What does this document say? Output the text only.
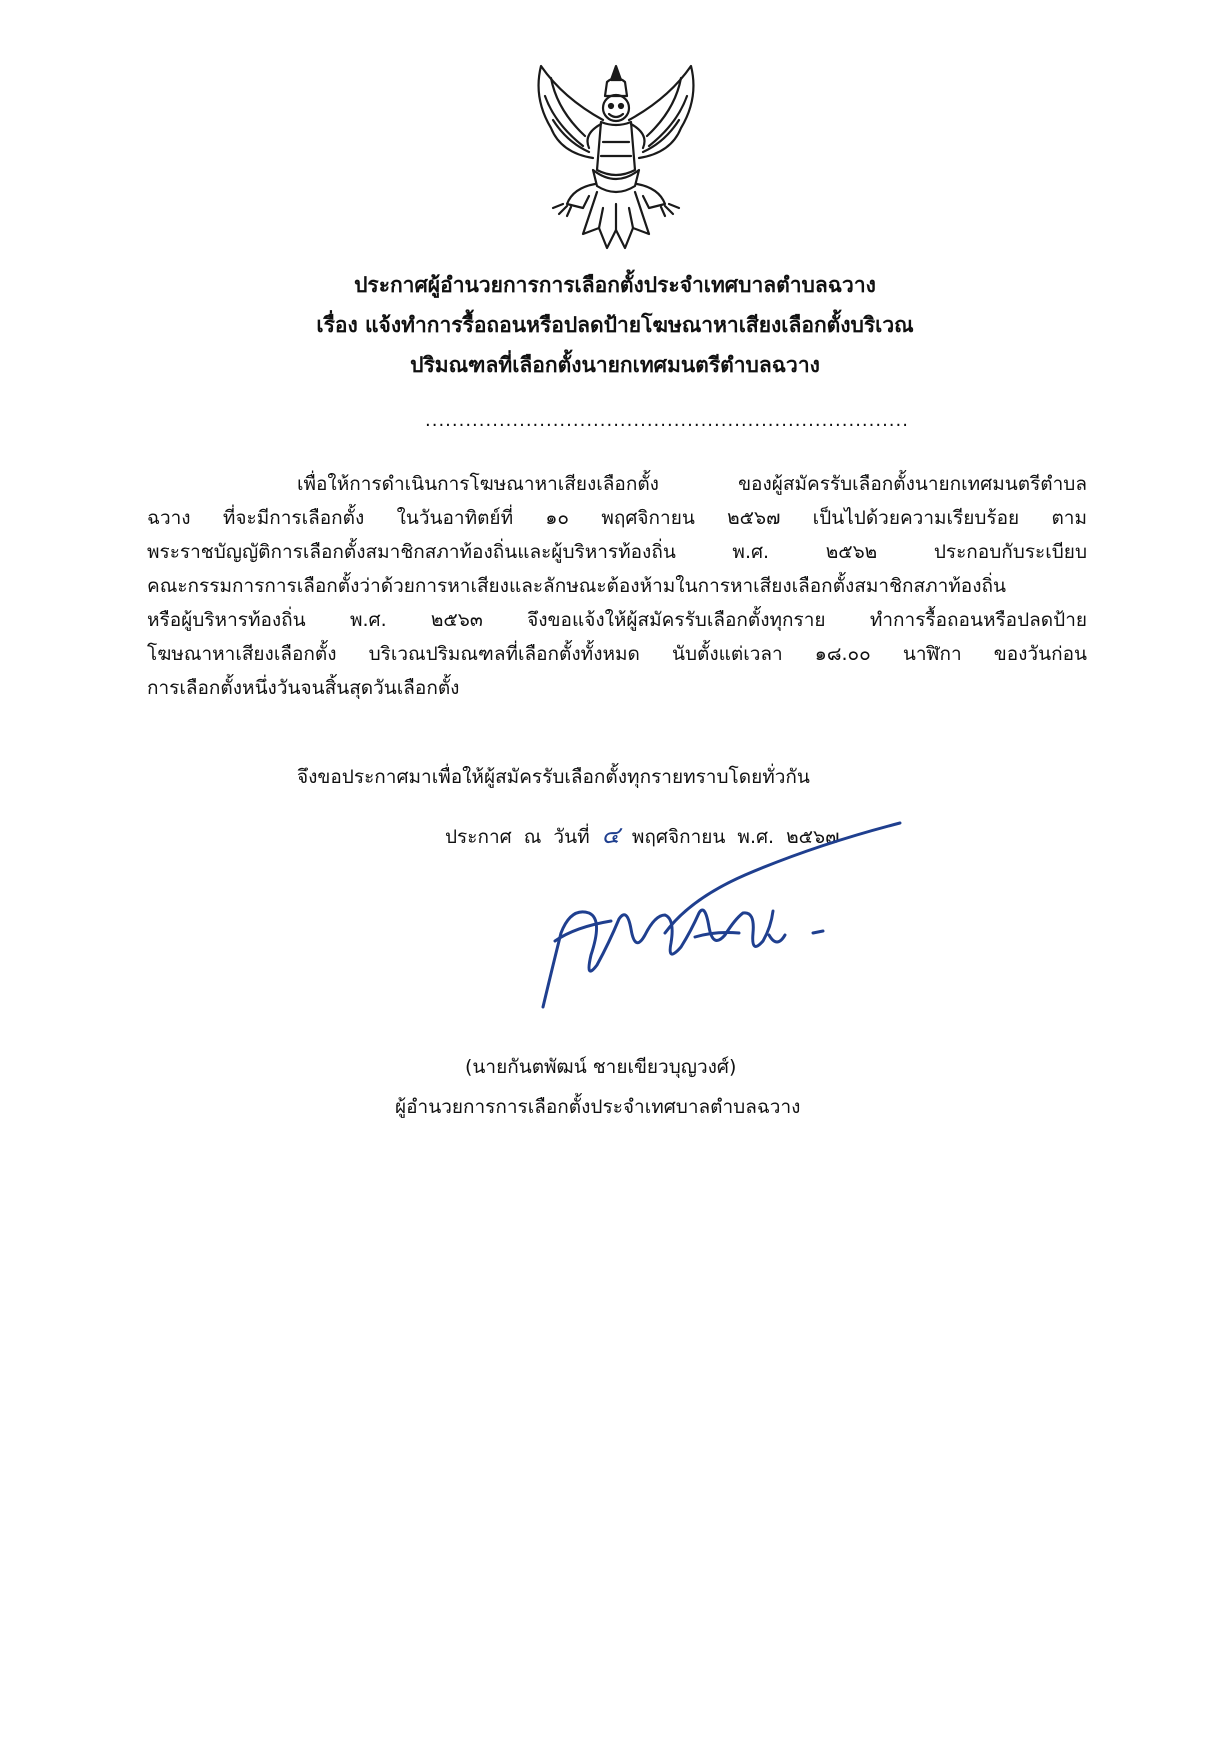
ประกาศผู้อำนวยการการเลือกตั้งประจำเทศบาลตำบลฉวาง
เรื่อง แจ้งทำการรื้อถอนหรือปลดป้ายโฆษณาหาเสียงเลือกตั้งบริเวณ
ปริมณฑลที่เลือกตั้งนายกเทศมนตรีตำบลฉวาง
........................................................................
เพื่อให้การดำเนินการโฆษณาหาเสียงเลือกตั้ง ของผู้สมัครรับเลือกตั้งนายกเทศมนตรีตำบล
ฉวาง ที่จะมีการเลือกตั้ง ในวันอาทิตย์ที่ ๑๐ พฤศจิกายน ๒๕๖๗ เป็นไปด้วยความเรียบร้อย ตาม
พระราชบัญญัติการเลือกตั้งสมาชิกสภาท้องถิ่นและผู้บริหารท้องถิ่น พ.ศ. ๒๕๖๒ ประกอบกับระเบียบ
คณะกรรมการการเลือกตั้งว่าด้วยการหาเสียงและลักษณะต้องห้ามในการหาเสียงเลือกตั้งสมาชิกสภาท้องถิ่น
หรือผู้บริหารท้องถิ่น พ.ศ. ๒๕๖๓ จึงขอแจ้งให้ผู้สมัครรับเลือกตั้งทุกราย ทำการรื้อถอนหรือปลดป้าย
โฆษณาหาเสียงเลือกตั้ง บริเวณปริมณฑลที่เลือกตั้งทั้งหมด นับตั้งแต่เวลา ๑๘.๐๐ นาฬิกา ของวันก่อน
การเลือกตั้งหนึ่งวันจนสิ้นสุดวันเลือกตั้ง
จึงขอประกาศมาเพื่อให้ผู้สมัครรับเลือกตั้งทุกรายทราบโดยทั่วกัน
ประกาศ ณ วันที่ ๔ พฤศจิกายน พ.ศ. ๒๕๖๗
(นายกันตพัฒน์ ชายเขียวบุญวงศ์)
ผู้อำนวยการการเลือกตั้งประจำเทศบาลตำบลฉวาง
